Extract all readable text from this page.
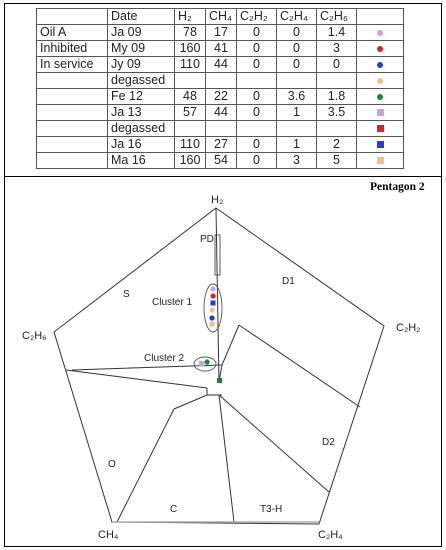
	Date	H₂	CH₄	C₂H₂	C₂H₄	C₂H₆	
Oil A	Ja 09	78	17	0	0	1.4	
Inhibited	My 09	160	41	0	0	3	
In service	Jy 09	110	44	0	0	0	
	degassed						
	Fe 12	48	22	0	3.6	1.8	
	Ja 13	57	44	0	1	3.5	
	degassed						
	Ja 16	110	27	0	1	2	
	Ma 16	160	54	0	3	5	
Pentagon 2
H₂
C₂H₂
C₂H₄
CH₄
C₂H₆
PD
D1
S
O
C
D2
T3-H
Cluster 1
Cluster 2
